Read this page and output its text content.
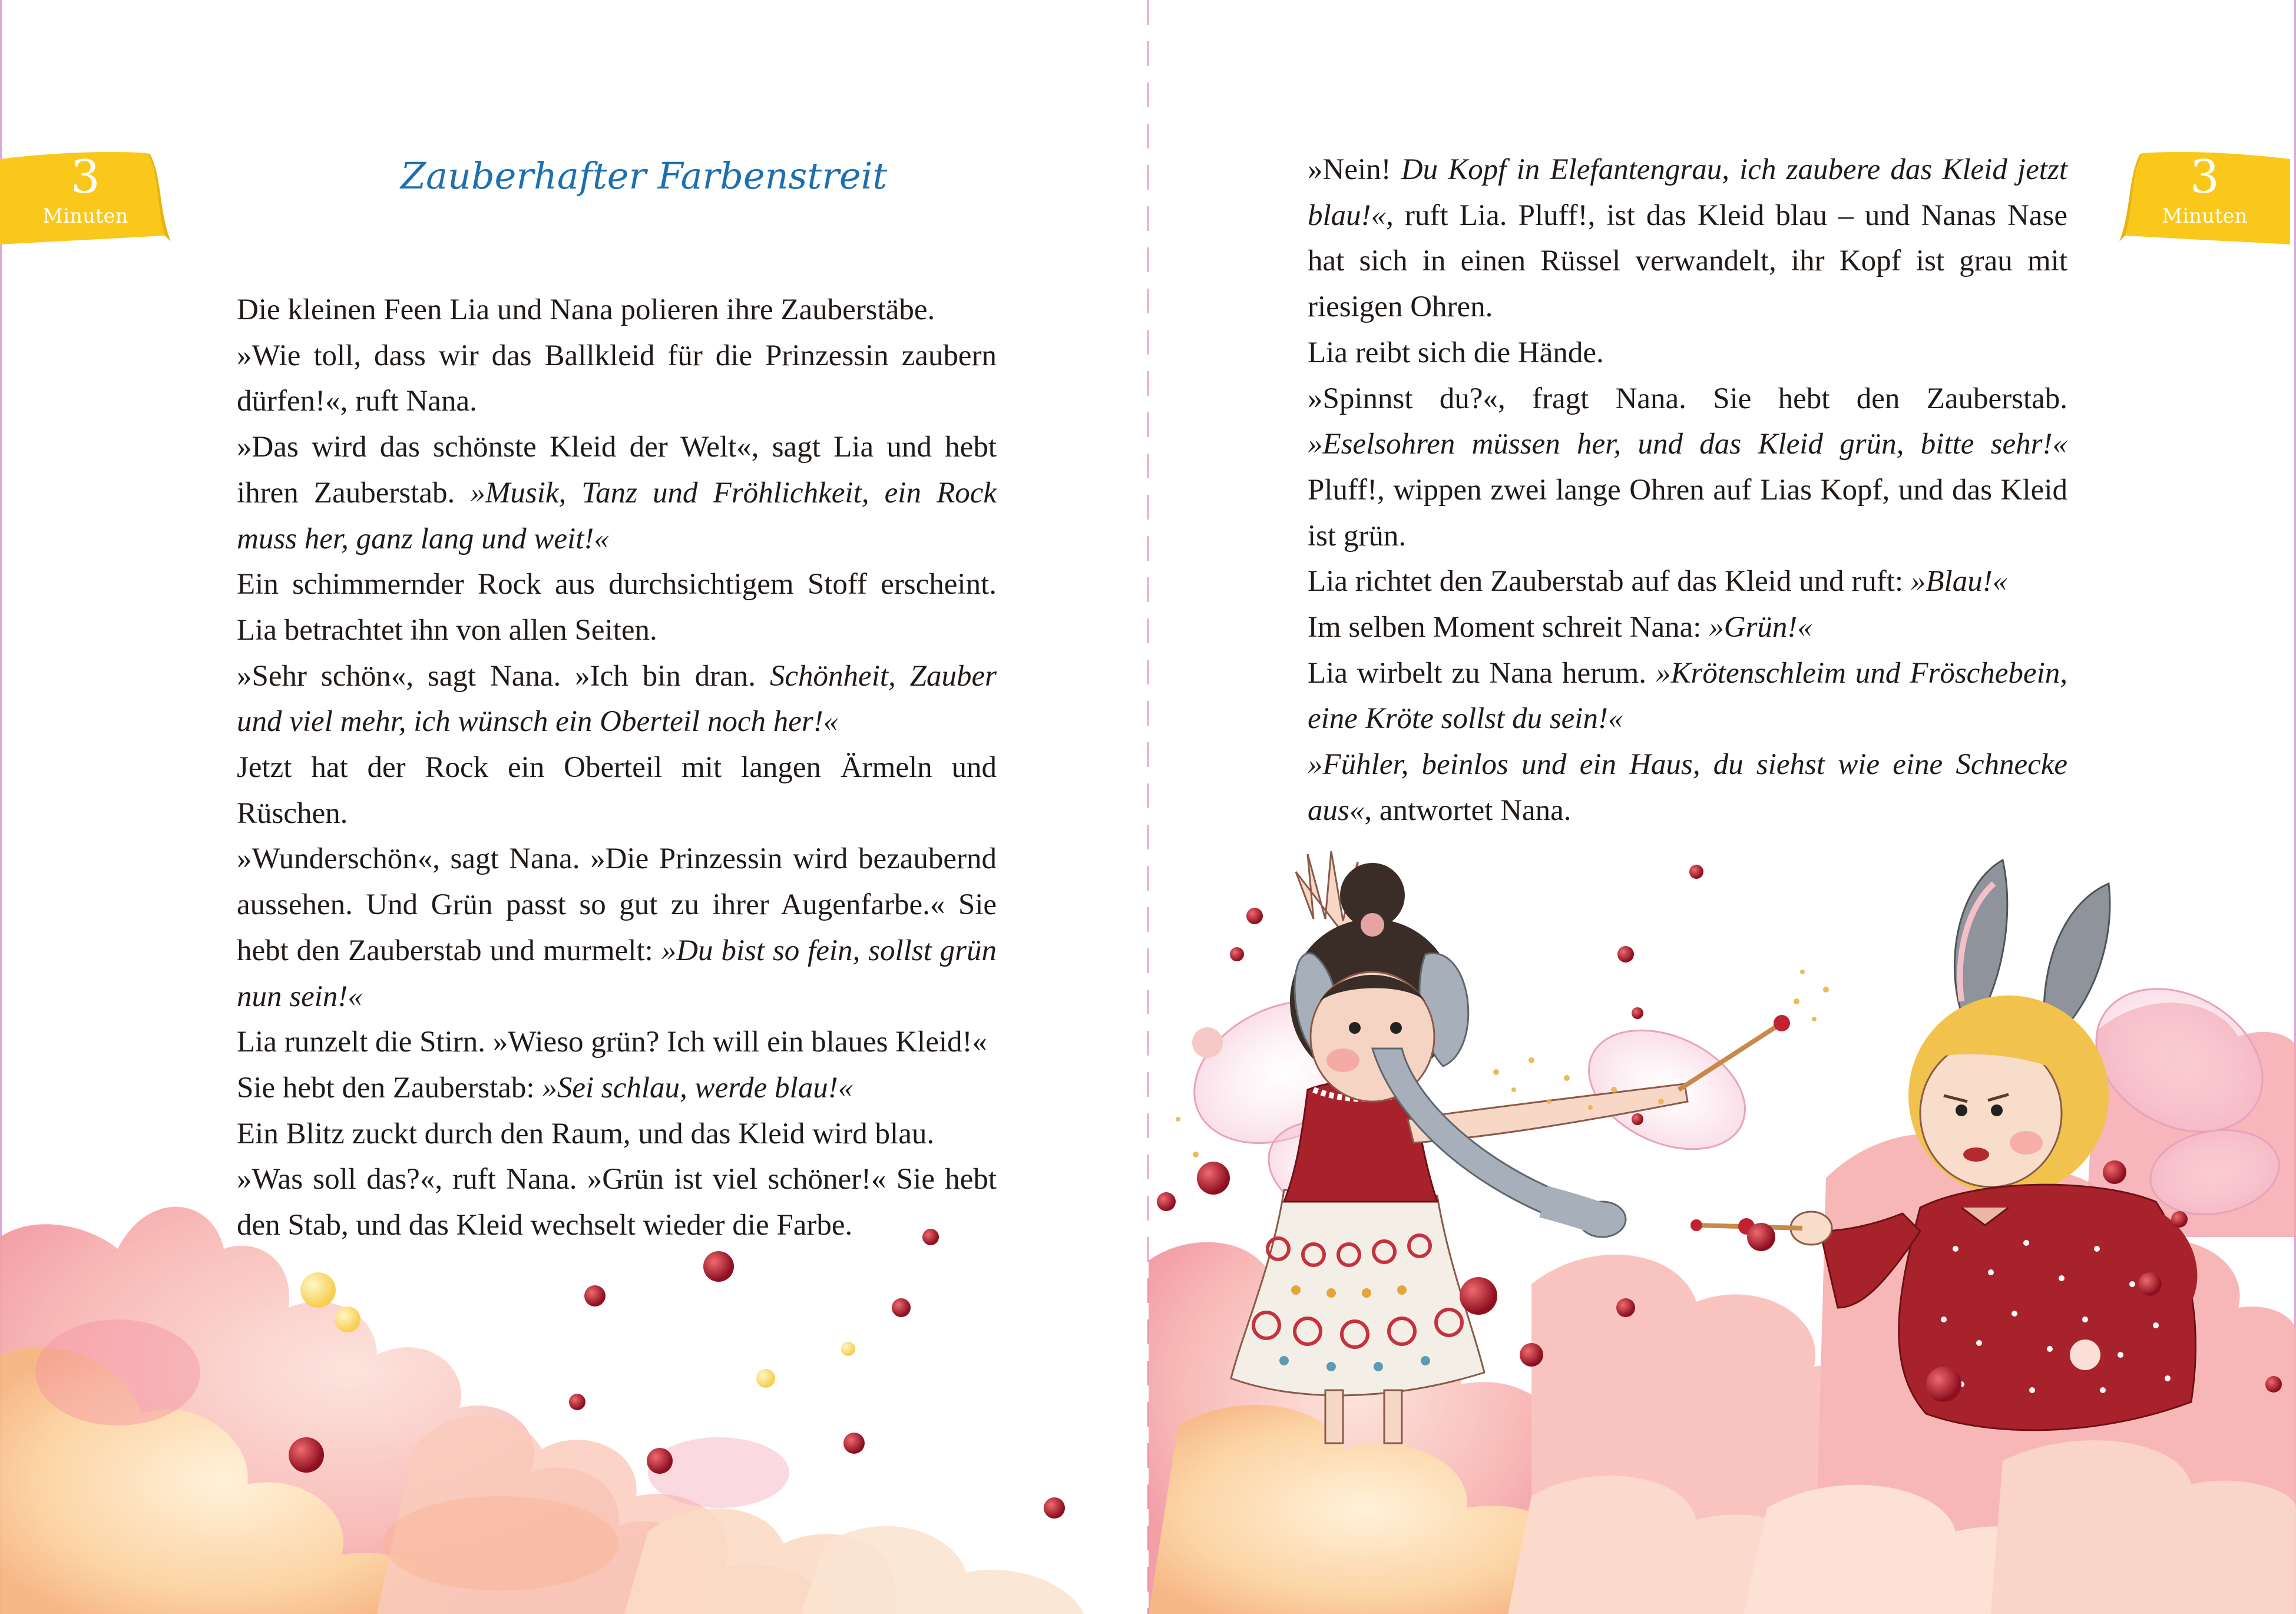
3
Minuten
3
Minuten
Zauberhafter Farbenstreit

Die kleinen Feen Lia und Nana polieren ihre Zauberstäbe.

»Wie toll, dass wir das Ballkleid für die Prinzessin zaubern dürfen!«, ruft Nana.

»Das wird das schönste Kleid der Welt«, sagt Lia und hebt ihren Zauberstab. »Musik, Tanz und Fröhlichkeit, ein Rock muss her, ganz lang und weit!«

Ein schimmernder Rock aus durchsichtigem Stoff erscheint. Lia betrachtet ihn von allen Seiten.

»Sehr schön«, sagt Nana. »Ich bin dran. Schönheit, Zauber und viel mehr, ich wünsch ein Oberteil noch her!«

Jetzt hat der Rock ein Oberteil mit langen Ärmeln und Rüschen.

»Wunderschön«, sagt Nana. »Die Prinzessin wird bezaubernd aussehen. Und Grün passt so gut zu ihrer Augenfarbe.« Sie hebt den Zauberstab und murmelt: »Du bist so fein, sollst grün nun sein!«

Lia runzelt die Stirn. »Wieso grün? Ich will ein blaues Kleid!«

Sie hebt den Zauberstab: »Sei schlau, werde blau!«

Ein Blitz zuckt durch den Raum, und das Kleid wird blau.

»Was soll das?«, ruft Nana. »Grün ist viel schöner!« Sie hebt den Stab, und das Kleid wechselt wieder die Farbe.

»Nein! Du Kopf in Elefantengrau, ich zaubere das Kleid jetzt blau!«, ruft Lia. Pluff!, ist das Kleid blau – und Nanas Nase hat sich in einen Rüssel verwandelt, ihr Kopf ist grau mit riesigen Ohren.

Lia reibt sich die Hände.

»Spinnst du?«, fragt Nana. Sie hebt den Zauberstab. »Eselsohren müssen her, und das Kleid grün, bitte sehr!« Pluff!, wippen zwei lange Ohren auf Lias Kopf, und das Kleid ist grün.

Lia richtet den Zauberstab auf das Kleid und ruft: »Blau!«

Im selben Moment schreit Nana: »Grün!«

Lia wirbelt zu Nana herum. »Krötenschleim und Fröschebein, eine Kröte sollst du sein!«

»Fühler, beinlos und ein Haus, du siehst wie eine Schnecke aus«, antwortet Nana.
